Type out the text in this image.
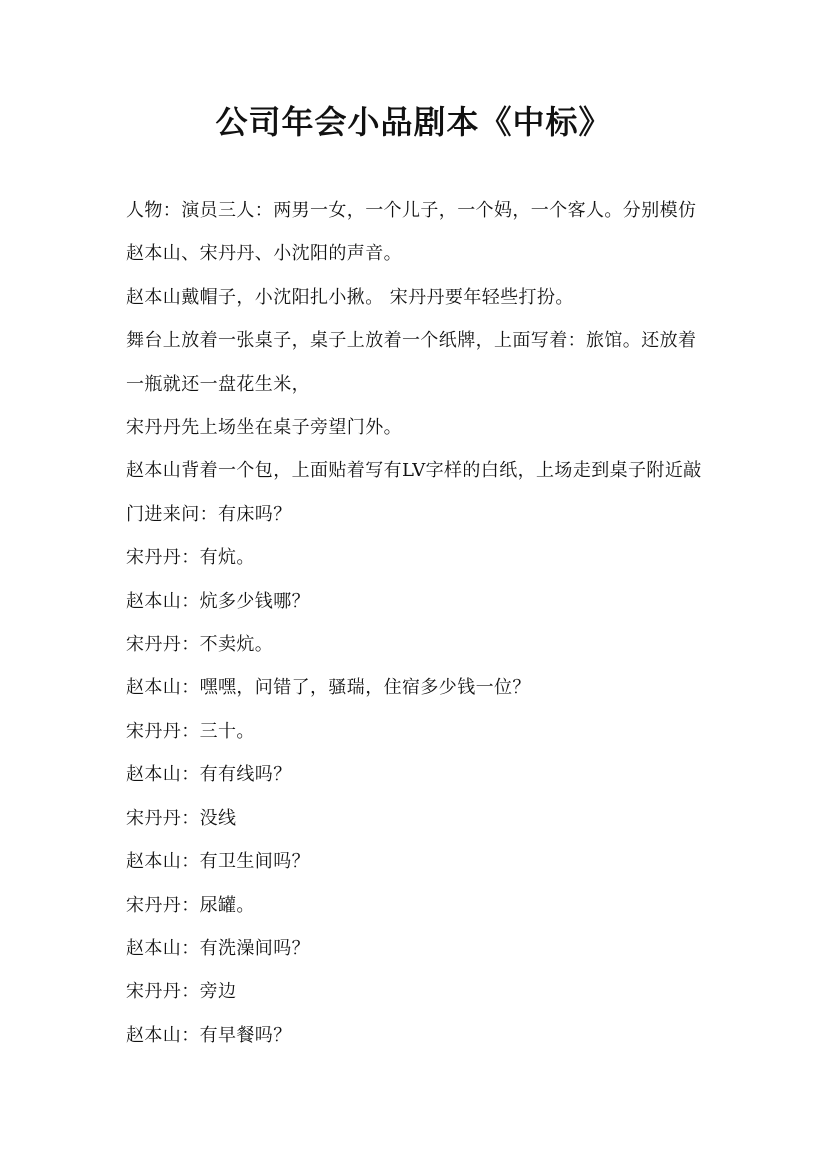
公司年会小品剧本《中标》

人物：演员三人：两男一女，一个儿子，一个妈，一个客人。分别模仿赵本山、宋丹丹、小沈阳的声音。

赵本山戴帽子，小沈阳扎小揪。 宋丹丹要年轻些打扮。

舞台上放着一张桌子，桌子上放着一个纸牌，上面写着：旅馆。还放着一瓶就还一盘花生米，

宋丹丹先上场坐在桌子旁望门外。

赵本山背着一个包，上面贴着写有LV字样的白纸，上场走到桌子附近敲门进来问：有床吗？

宋丹丹：有炕。

赵本山：炕多少钱哪？

宋丹丹：不卖炕。

赵本山：嘿嘿，问错了，骚瑞，住宿多少钱一位？

宋丹丹：三十。

赵本山：有有线吗？

宋丹丹：没线

赵本山：有卫生间吗？

宋丹丹：尿罐。

赵本山：有洗澡间吗？

宋丹丹：旁边

赵本山：有早餐吗？
